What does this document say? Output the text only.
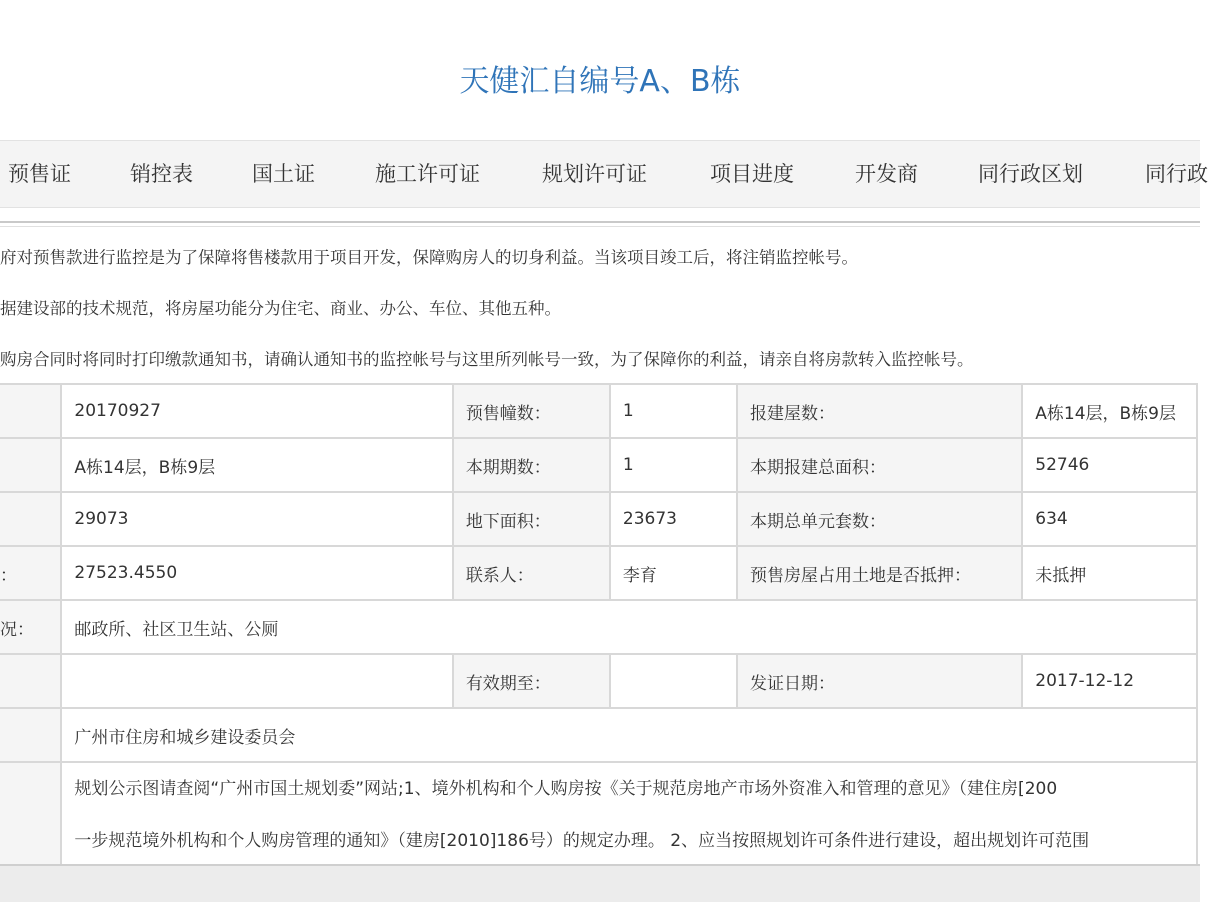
天健汇自编号A、B栋
预售证	销控表	国土证	施工许可证	规划许可证	项目进度	开发商	同行政区划	同行政
府对预售款进行监控是为了保障将售楼款用于项目开发，保障购房人的切身利益。当该项目竣工后，将注销监控帐号。
据建设部的技术规范，将房屋功能分为住宅、商业、办公、车位、其他五种。
购房合同时将同时打印缴款通知书，请确认通知书的监控帐号与这里所列帐号一致，为了保障你的利益，请亲自将房款转入监控帐号。
	20170927	预售幢数：	1	报建屋数：	A栋14层，B栋9层
	A栋14层，B栋9层	本期期数：	1	本期报建总面积：	52746
	29073	地下面积：	23673	本期总单元套数：	634
：	27523.4550	联系人：	李育	预售房屋占用土地是否抵押：	未抵押
况：	邮政所、社区卫生站、公厕				
		有效期至：		发证日期：	2017-12-12
	广州市住房和城乡建设委员会				

	规划公示图请查阅“广州市国土规划委”网站;1、境外机构和个人购房按《关于规范房地产市场外资准入和管理的意见》（建住房[200
一步规范境外机构和个人购房管理的通知》（建房[2010]186号）的规定办理。 2、应当按照规划许可条件进行建设，超出规划许可范围				
